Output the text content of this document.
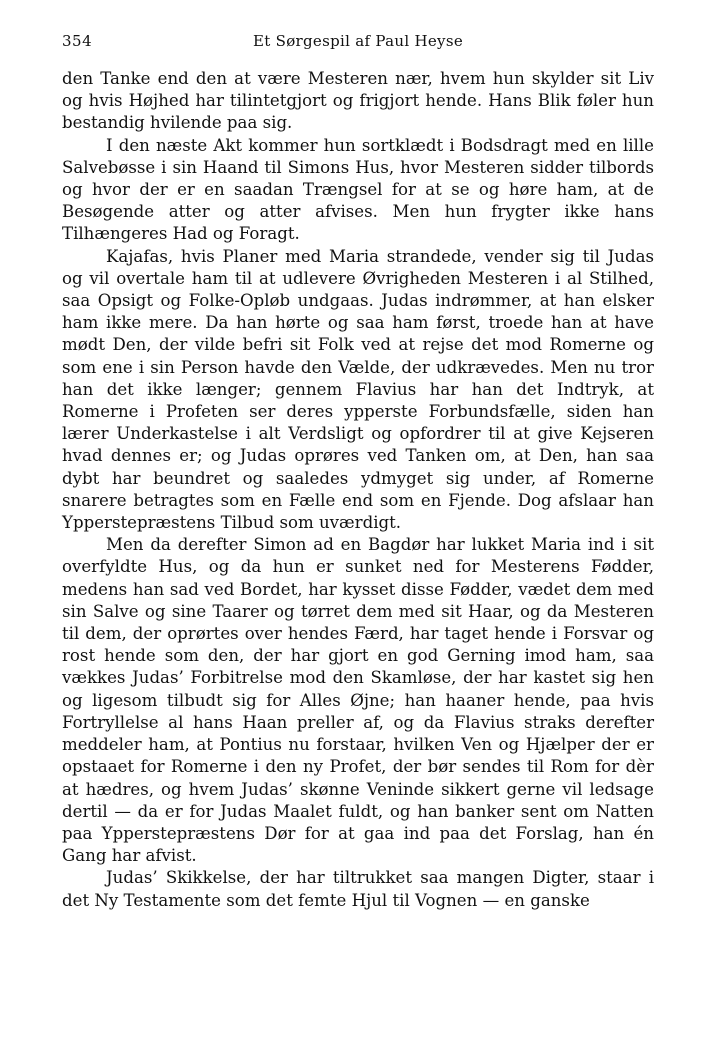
354	Et Sørgespil af Paul Heyse

den Tanke end den at være Mesteren nær, hvem hun skylder sit Liv og hvis Højhed har tilintetgjort og frigjort hende. Hans Blik føler hun bestandig hvilende paa sig.

I den næste Akt kommer hun sortklædt i Bodsdragt med en lille Salvebøsse i sin Haand til Simons Hus, hvor Mesteren sidder tilbords og hvor der er en saadan Trængsel for at se og høre ham, at de Besøgende atter og atter afvises. Men hun frygter ikke hans Tilhængeres Had og Foragt.

Kajafas, hvis Planer med Maria strandede, vender sig til Judas og vil overtale ham til at udlevere Øvrigheden Mesteren i al Stilhed, saa Opsigt og Folke-Opløb undgaas. Judas indrømmer, at han elsker ham ikke mere. Da han hørte og saa ham først, troede han at have mødt Den, der vilde befri sit Folk ved at rejse det mod Romerne og som ene i sin Person havde den Vælde, der udkrævedes. Men nu tror han det ikke længer; gennem Flavius har han det Indtryk, at Romerne i Profeten ser deres ypperste Forbundsfælle, siden han lærer Underkastelse i alt Verdsligt og opfordrer til at give Kejseren hvad dennes er; og Judas oprøres ved Tanken om, at Den, han saa dybt har beundret og saaledes ydmyget sig under, af Romerne snarere betragtes som en Fælle end som en Fjende. Dog afslaar han Ypperstepræstens Tilbud som uværdigt.

Men da derefter Simon ad en Bagdør har lukket Maria ind i sit overfyldte Hus, og da hun er sunket ned for Mesterens Fødder, medens han sad ved Bordet, har kysset disse Fødder, vædet dem med sin Salve og sine Taarer og tørret dem med sit Haar, og da Mesteren til dem, der oprørtes over hendes Færd, har taget hende i Forsvar og rost hende som den, der har gjort en god Gerning imod ham, saa vækkes Judas’ Forbitrelse mod den Skamløse, der har kastet sig hen og ligesom tilbudt sig for Alles Øjne; han haaner hende, paa hvis Fortryllelse al hans Haan preller af, og da Flavius straks derefter meddeler ham, at Pontius nu forstaar, hvilken Ven og Hjælper der er opstaaet for Romerne i den ny Profet, der bør sendes til Rom for dèr at hædres, og hvem Judas’ skønne Veninde sikkert gerne vil ledsage dertil — da er for Judas Maalet fuldt, og han banker sent om Natten paa Ypperstepræstens Dør for at gaa ind paa det Forslag, han én Gang har afvist.

Judas’ Skikkelse, der har tiltrukket saa mangen Digter, staar i det Ny Testamente som det femte Hjul til Vognen — en ganske
